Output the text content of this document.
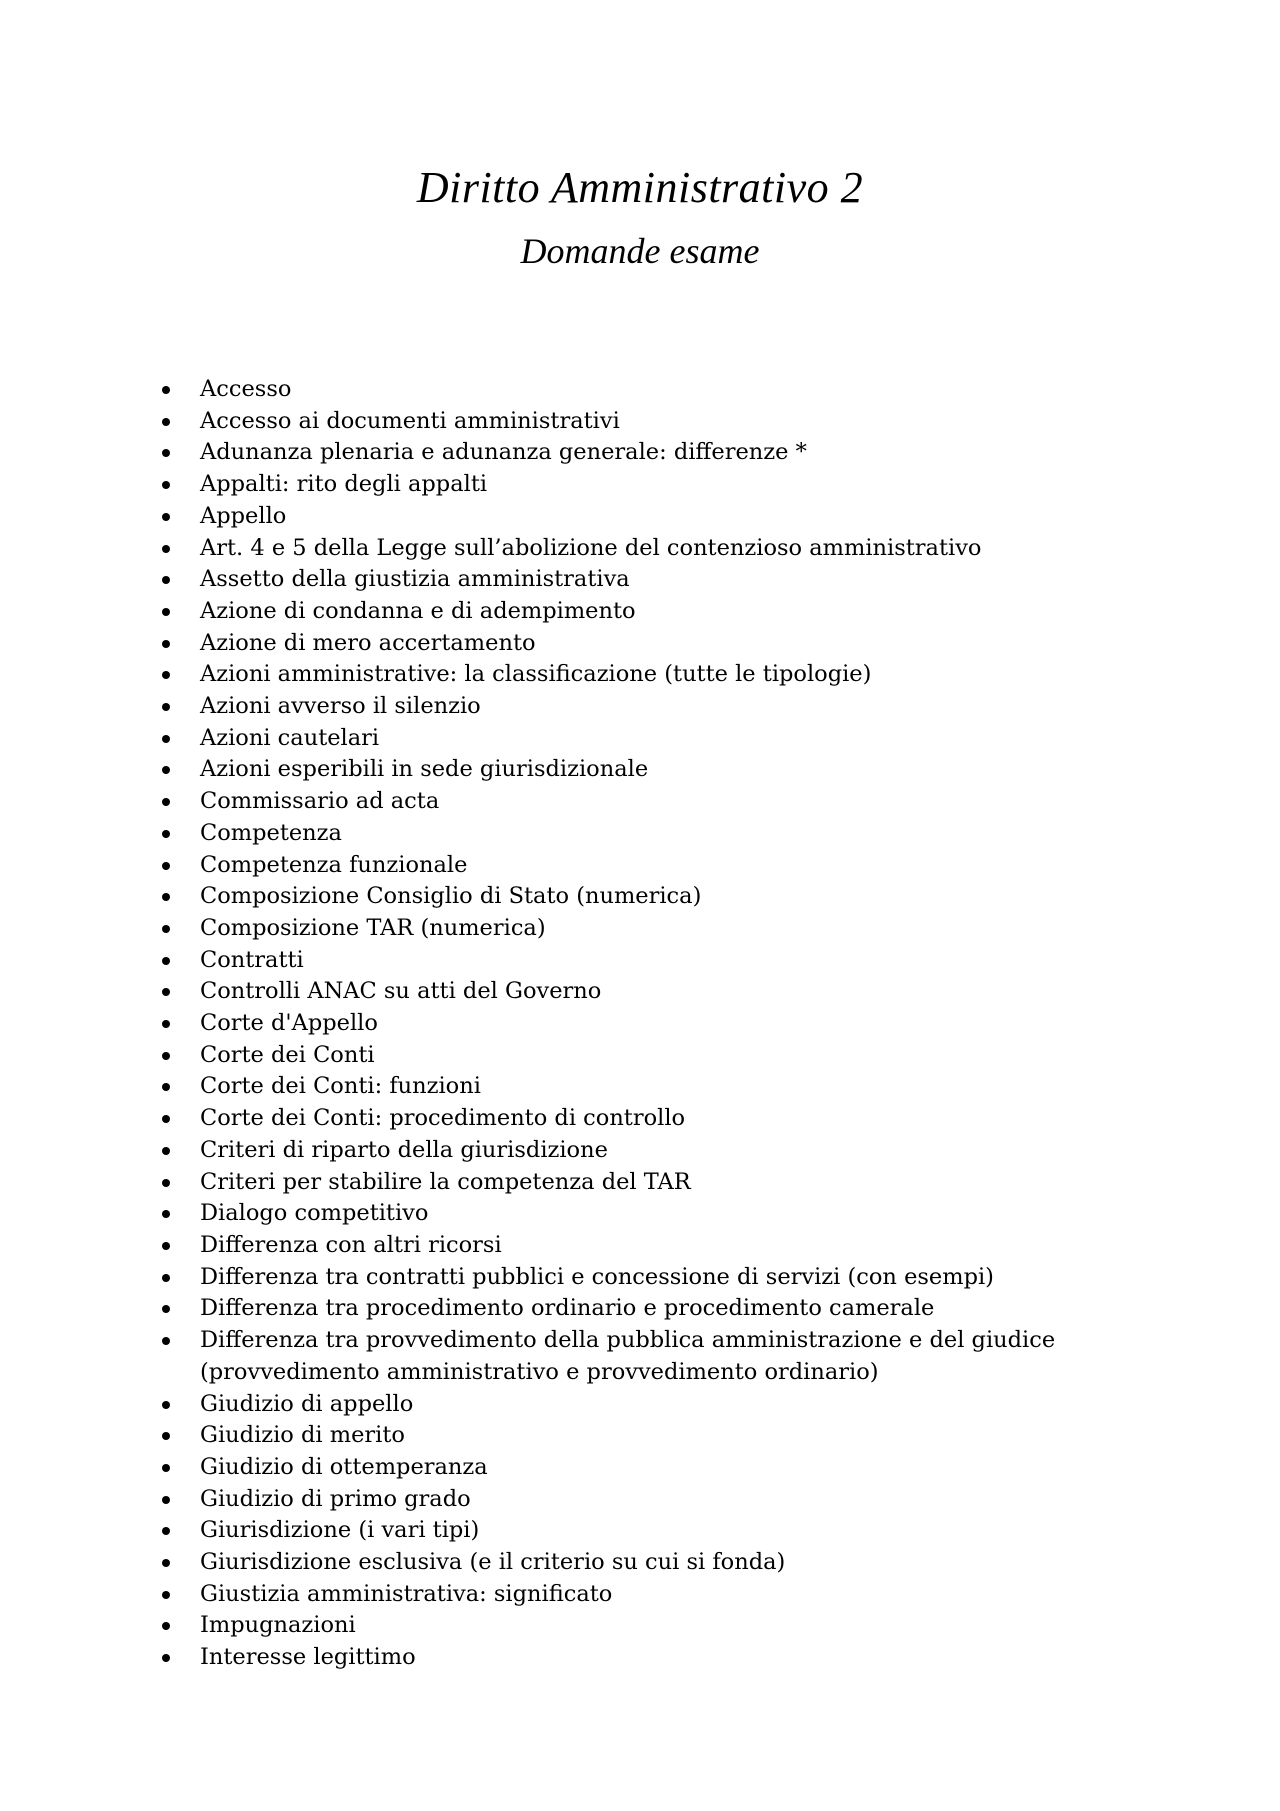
Diritto Amministrativo 2
Domande esame
Accesso
Accesso ai documenti amministrativi
Adunanza plenaria e adunanza generale: differenze *
Appalti: rito degli appalti
Appello
Art. 4 e 5 della Legge sull’abolizione del contenzioso amministrativo
Assetto della giustizia amministrativa
Azione di condanna e di adempimento
Azione di mero accertamento
Azioni amministrative: la classificazione (tutte le tipologie)
Azioni avverso il silenzio
Azioni cautelari
Azioni esperibili in sede giurisdizionale
Commissario ad acta
Competenza
Competenza funzionale
Composizione Consiglio di Stato (numerica)
Composizione TAR (numerica)
Contratti
Controlli ANAC su atti del Governo
Corte d'Appello
Corte dei Conti
Corte dei Conti: funzioni
Corte dei Conti: procedimento di controllo
Criteri di riparto della giurisdizione
Criteri per stabilire la competenza del TAR
Dialogo competitivo
Differenza con altri ricorsi
Differenza tra contratti pubblici e concessione di servizi (con esempi)
Differenza tra procedimento ordinario e procedimento camerale
Differenza tra provvedimento della pubblica amministrazione e del giudice (provvedimento amministrativo e provvedimento ordinario)
Giudizio di appello
Giudizio di merito
Giudizio di ottemperanza
Giudizio di primo grado
Giurisdizione (i vari tipi)
Giurisdizione esclusiva (e il criterio su cui si fonda)
Giustizia amministrativa: significato
Impugnazioni
Interesse legittimo
